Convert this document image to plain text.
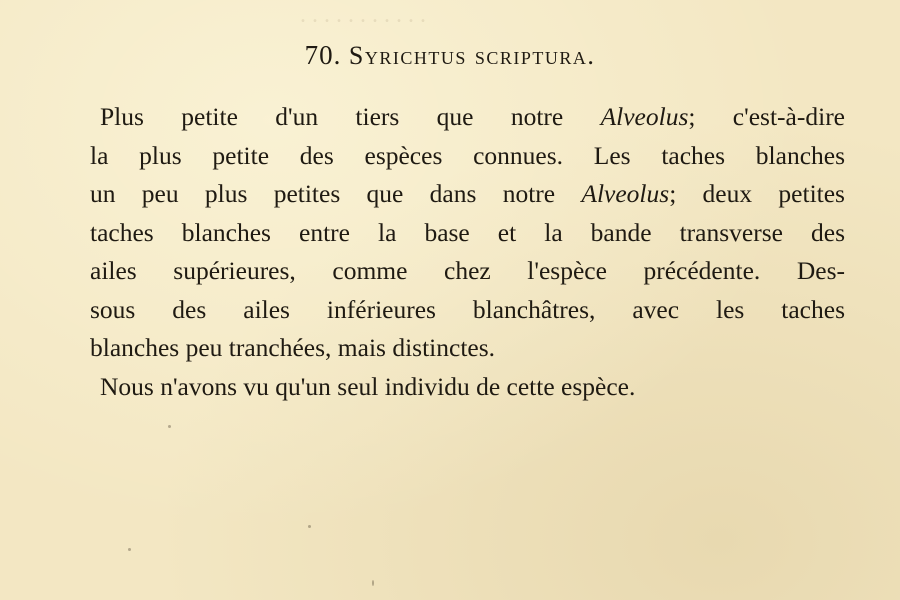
. . . . . . . . . . .
70. Syrichtus scriptura.
Plus petite d'un tiers que notre Alveolus; c'est-à-dire
la plus petite des espèces connues. Les taches blanches
un peu plus petites que dans notre Alveolus; deux petites
taches blanches entre la base et la bande transverse des
ailes supérieures, comme chez l'espèce précédente. Des-
sous des ailes inférieures blanchâtres, avec les taches
blanches peu tranchées, mais distinctes.
Nous n'avons vu qu'un seul individu de cette espèce.
